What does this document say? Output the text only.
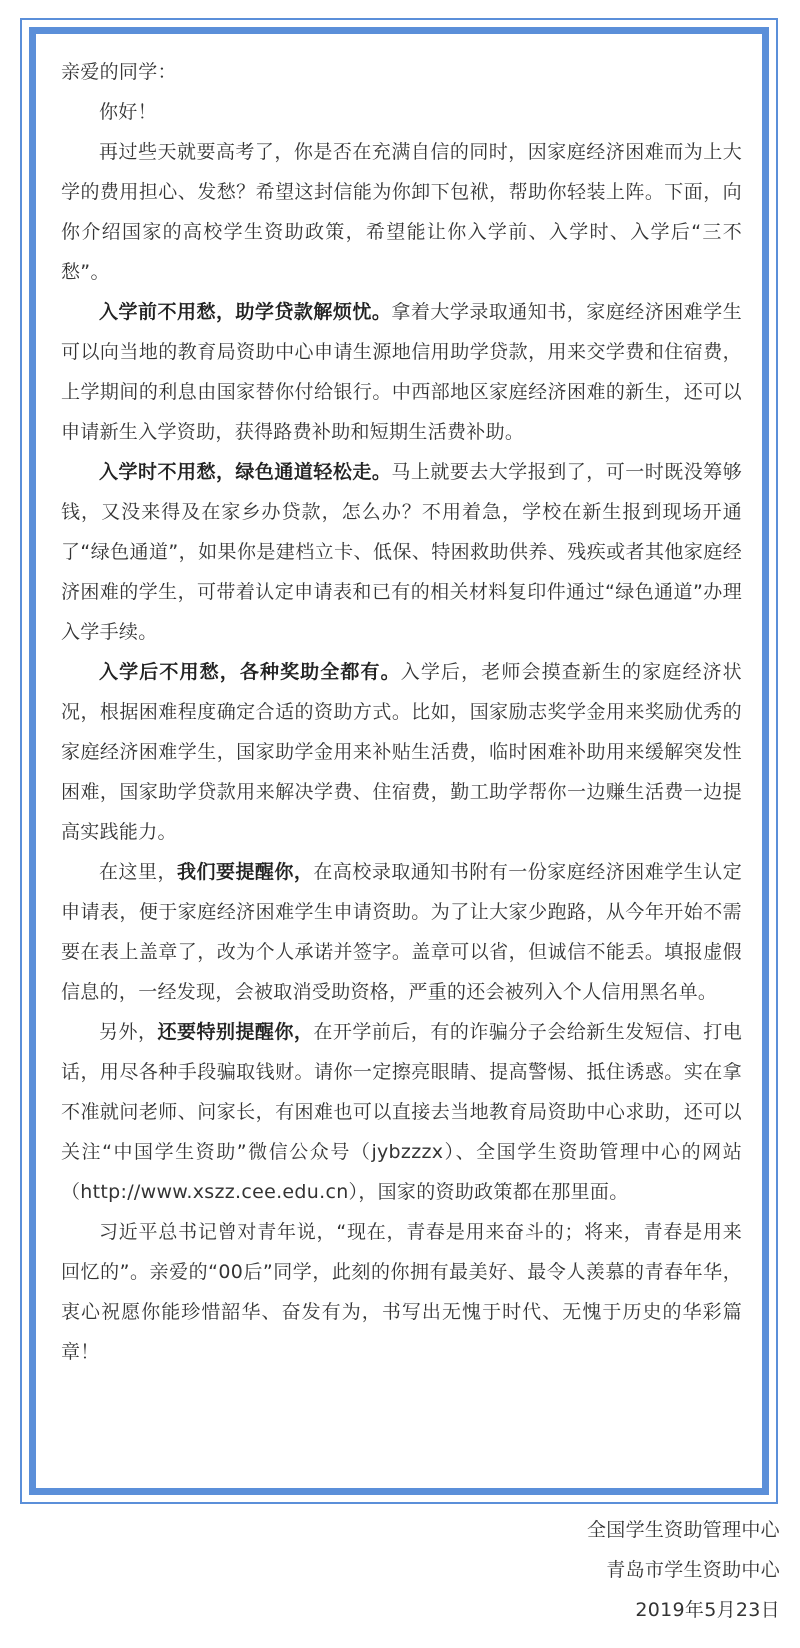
亲爱的同学：

你好！

再过些天就要高考了，你是否在充满自信的同时，因家庭经济困难而为上大学的费用担心、发愁？希望这封信能为你卸下包袱，帮助你轻装上阵。下面，向你介绍国家的高校学生资助政策，希望能让你入学前、入学时、入学后“三不愁”。

入学前不用愁，助学贷款解烦忧。拿着大学录取通知书，家庭经济困难学生可以向当地的教育局资助中心申请生源地信用助学贷款，用来交学费和住宿费，上学期间的利息由国家替你付给银行。中西部地区家庭经济困难的新生，还可以申请新生入学资助，获得路费补助和短期生活费补助。

入学时不用愁，绿色通道轻松走。马上就要去大学报到了，可一时既没筹够钱，又没来得及在家乡办贷款，怎么办？不用着急，学校在新生报到现场开通了“绿色通道”，如果你是建档立卡、低保、特困救助供养、残疾或者其他家庭经济困难的学生，可带着认定申请表和已有的相关材料复印件通过“绿色通道”办理入学手续。

入学后不用愁，各种奖助全都有。入学后，老师会摸查新生的家庭经济状况，根据困难程度确定合适的资助方式。比如，国家励志奖学金用来奖励优秀的家庭经济困难学生，国家助学金用来补贴生活费，临时困难补助用来缓解突发性困难，国家助学贷款用来解决学费、住宿费，勤工助学帮你一边赚生活费一边提高实践能力。

在这里，我们要提醒你，在高校录取通知书附有一份家庭经济困难学生认定申请表，便于家庭经济困难学生申请资助。为了让大家少跑路，从今年开始不需要在表上盖章了，改为个人承诺并签字。盖章可以省，但诚信不能丢。填报虚假信息的，一经发现，会被取消受助资格，严重的还会被列入个人信用黑名单。

另外，还要特别提醒你，在开学前后，有的诈骗分子会给新生发短信、打电话，用尽各种手段骗取钱财。请你一定擦亮眼睛、提高警惕、抵住诱惑。实在拿不准就问老师、问家长，有困难也可以直接去当地教育局资助中心求助，还可以关注“中国学生资助”微信公众号（jybzzzx）、全国学生资助管理中心的网站（http://www.xszz.cee.edu.cn），国家的资助政策都在那里面。

习近平总书记曾对青年说，“现在，青春是用来奋斗的；将来，青春是用来回忆的”。亲爱的“00后”同学，此刻的你拥有最美好、最令人羡慕的青春年华，衷心祝愿你能珍惜韶华、奋发有为，书写出无愧于时代、无愧于历史的华彩篇章！

全国学生资助管理中心
青岛市学生资助中心
2019年5月23日
